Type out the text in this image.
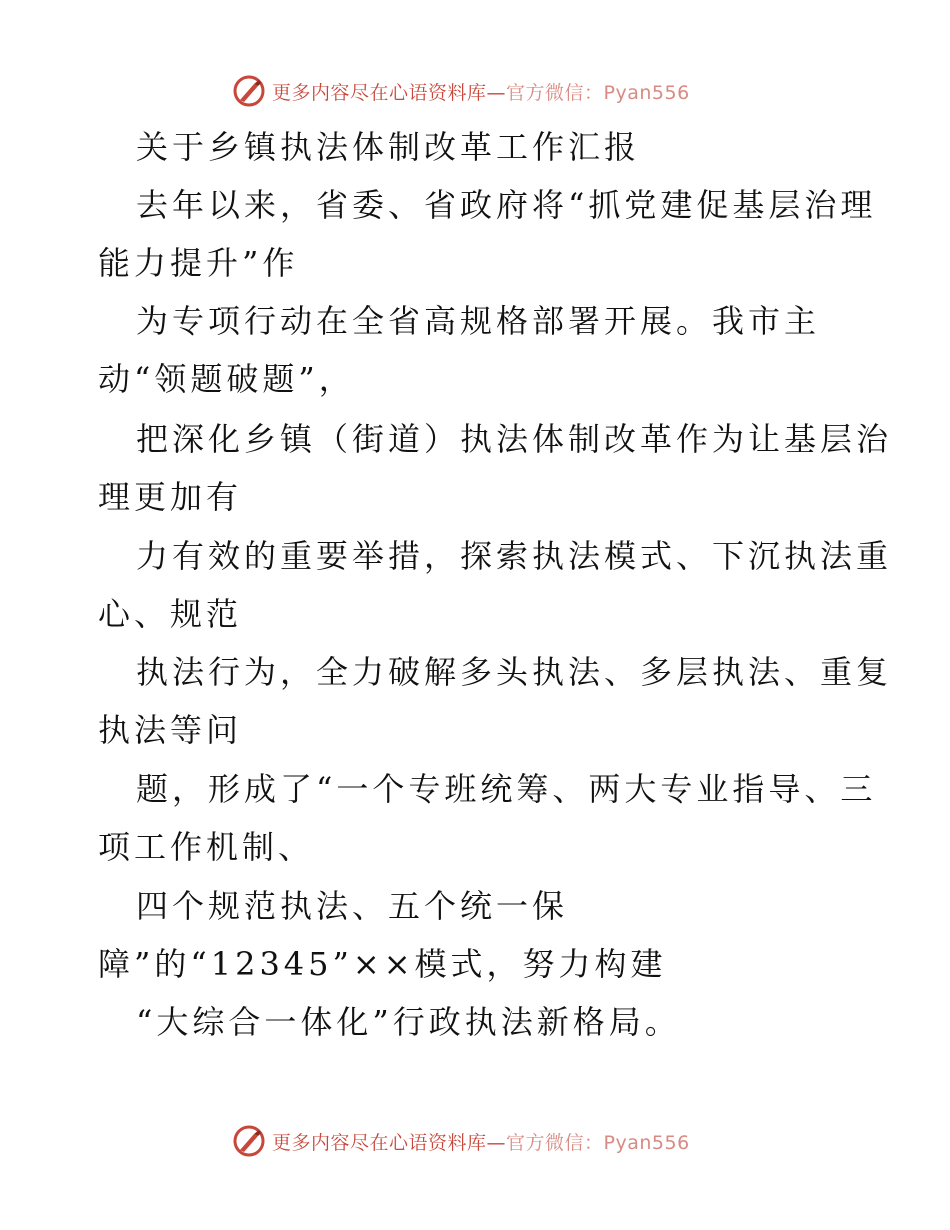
更多内容尽在心语资料库—官方微信：Pyan556
关于乡镇执法体制改革工作汇报
去年以来，省委、省政府将“抓党建促基层治理
能力提升”作
为专项行动在全省高规格部署开展。我市主
动“领题破题”，
把深化乡镇（街道）执法体制改革作为让基层治
理更加有
力有效的重要举措，探索执法模式、下沉执法重
心、规范
执法行为，全力破解多头执法、多层执法、重复
执法等问
题，形成了“一个专班统筹、两大专业指导、三
项工作机制、
四个规范执法、五个统一保
障”的“12345”××模式，努力构建
“大综合一体化”行政执法新格局。
更多内容尽在心语资料库—官方微信：Pyan556
